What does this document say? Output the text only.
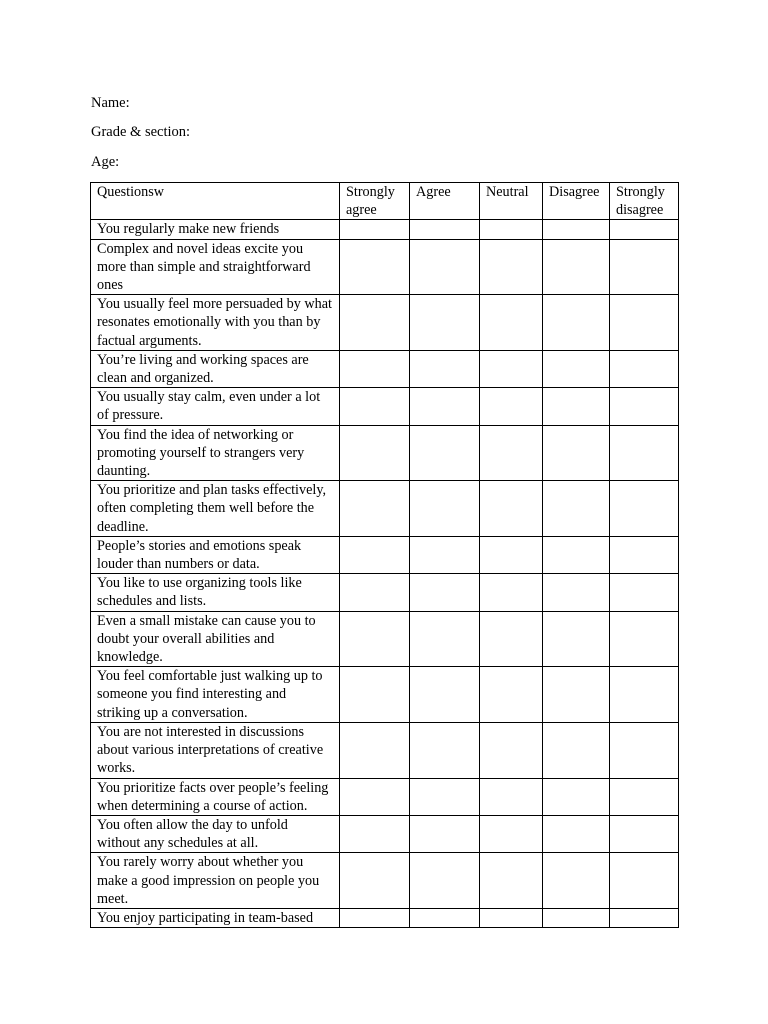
Name:
Grade & section:
Age:
Questionsw	Strongly agree	Agree	Neutral	Disagree	Strongly disagree
You regularly make new friends					
Complex and novel ideas excite you more than simple and straightforward ones					
You usually feel more persuaded by what resonates emotionally with you than by factual arguments.					
You’re living and working spaces are clean and organized.					
You usually stay calm, even under a lot of pressure.					
You find the idea of networking or promoting yourself to strangers very daunting.					
You prioritize and plan tasks effectively, often completing them well before the deadline.					
People’s stories and emotions speak louder than numbers or data.					
You like to use organizing tools like schedules and lists.					
Even a small mistake can cause you to doubt your overall abilities and knowledge.					
You feel comfortable just walking up to someone you find interesting and striking up a conversation.					
You are not interested in discussions about various interpretations of creative works.					
You prioritize facts over people’s feeling when determining a course of action.					
You often allow the day to unfold without any schedules at all.					
You rarely worry about whether you make a good impression on people you meet.					
You enjoy participating in team-based					
